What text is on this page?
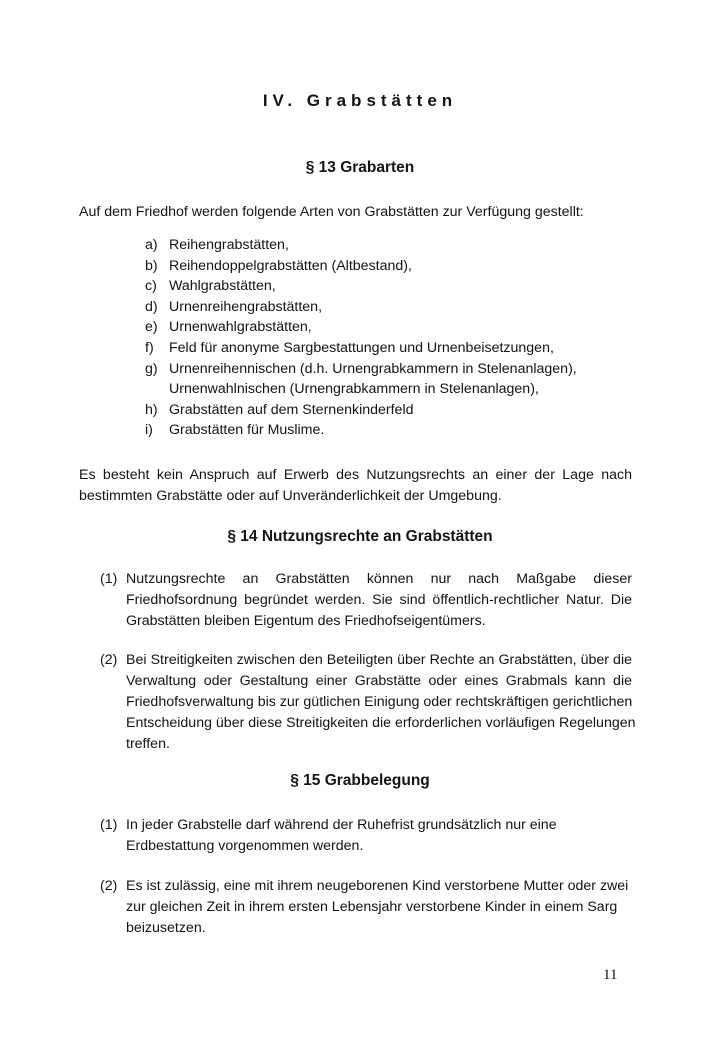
IV. Grabstätten
§ 13 Grabarten
Auf dem Friedhof werden folgende Arten von Grabstätten zur Verfügung gestellt:
a) Reihengrabstätten,
b) Reihendoppelgrabstätten (Altbestand),
c) Wahlgrabstätten,
d) Urnenreihengrabstätten,
e) Urnenwahlgrabstätten,
f)	Feld für anonyme Sargbestattungen und Urnenbeisetzungen,
g) Urnenreihennischen (d.h. Urnengrabkammern in Stelenanlagen),
Urnenwahlnischen (Urnengrabkammern in Stelenanlagen),
h) Grabstätten auf dem Sternenkinderfeld
i)	Grabstätten für Muslime.
Es besteht kein Anspruch auf Erwerb des Nutzungsrechts an einer der Lage nach
bestimmten Grabstätte oder auf Unveränderlichkeit der Umgebung.
§ 14 Nutzungsrechte an Grabstätten
(1) Nutzungsrechte an Grabstätten können nur nach Maßgabe dieser
Friedhofsordnung begründet werden. Sie sind öffentlich-rechtlicher Natur. Die
Grabstätten bleiben Eigentum des Friedhofseigentümers.
(2) Bei Streitigkeiten zwischen den Beteiligten über Rechte an Grabstätten, über die
Verwaltung oder Gestaltung einer Grabstätte oder eines Grabmals kann die
Friedhofsverwaltung bis zur gütlichen Einigung oder rechtskräftigen gerichtlichen
Entscheidung über diese Streitigkeiten die erforderlichen vorläufigen Regelungen
treffen.
§ 15 Grabbelegung
(1) In jeder Grabstelle darf während der Ruhefrist grundsätzlich nur eine
Erdbestattung vorgenommen werden.
(2) Es ist zulässig, eine mit ihrem neugeborenen Kind verstorbene Mutter oder zwei
zur gleichen Zeit in ihrem ersten Lebensjahr verstorbene Kinder in einem Sarg
beizusetzen.
11
